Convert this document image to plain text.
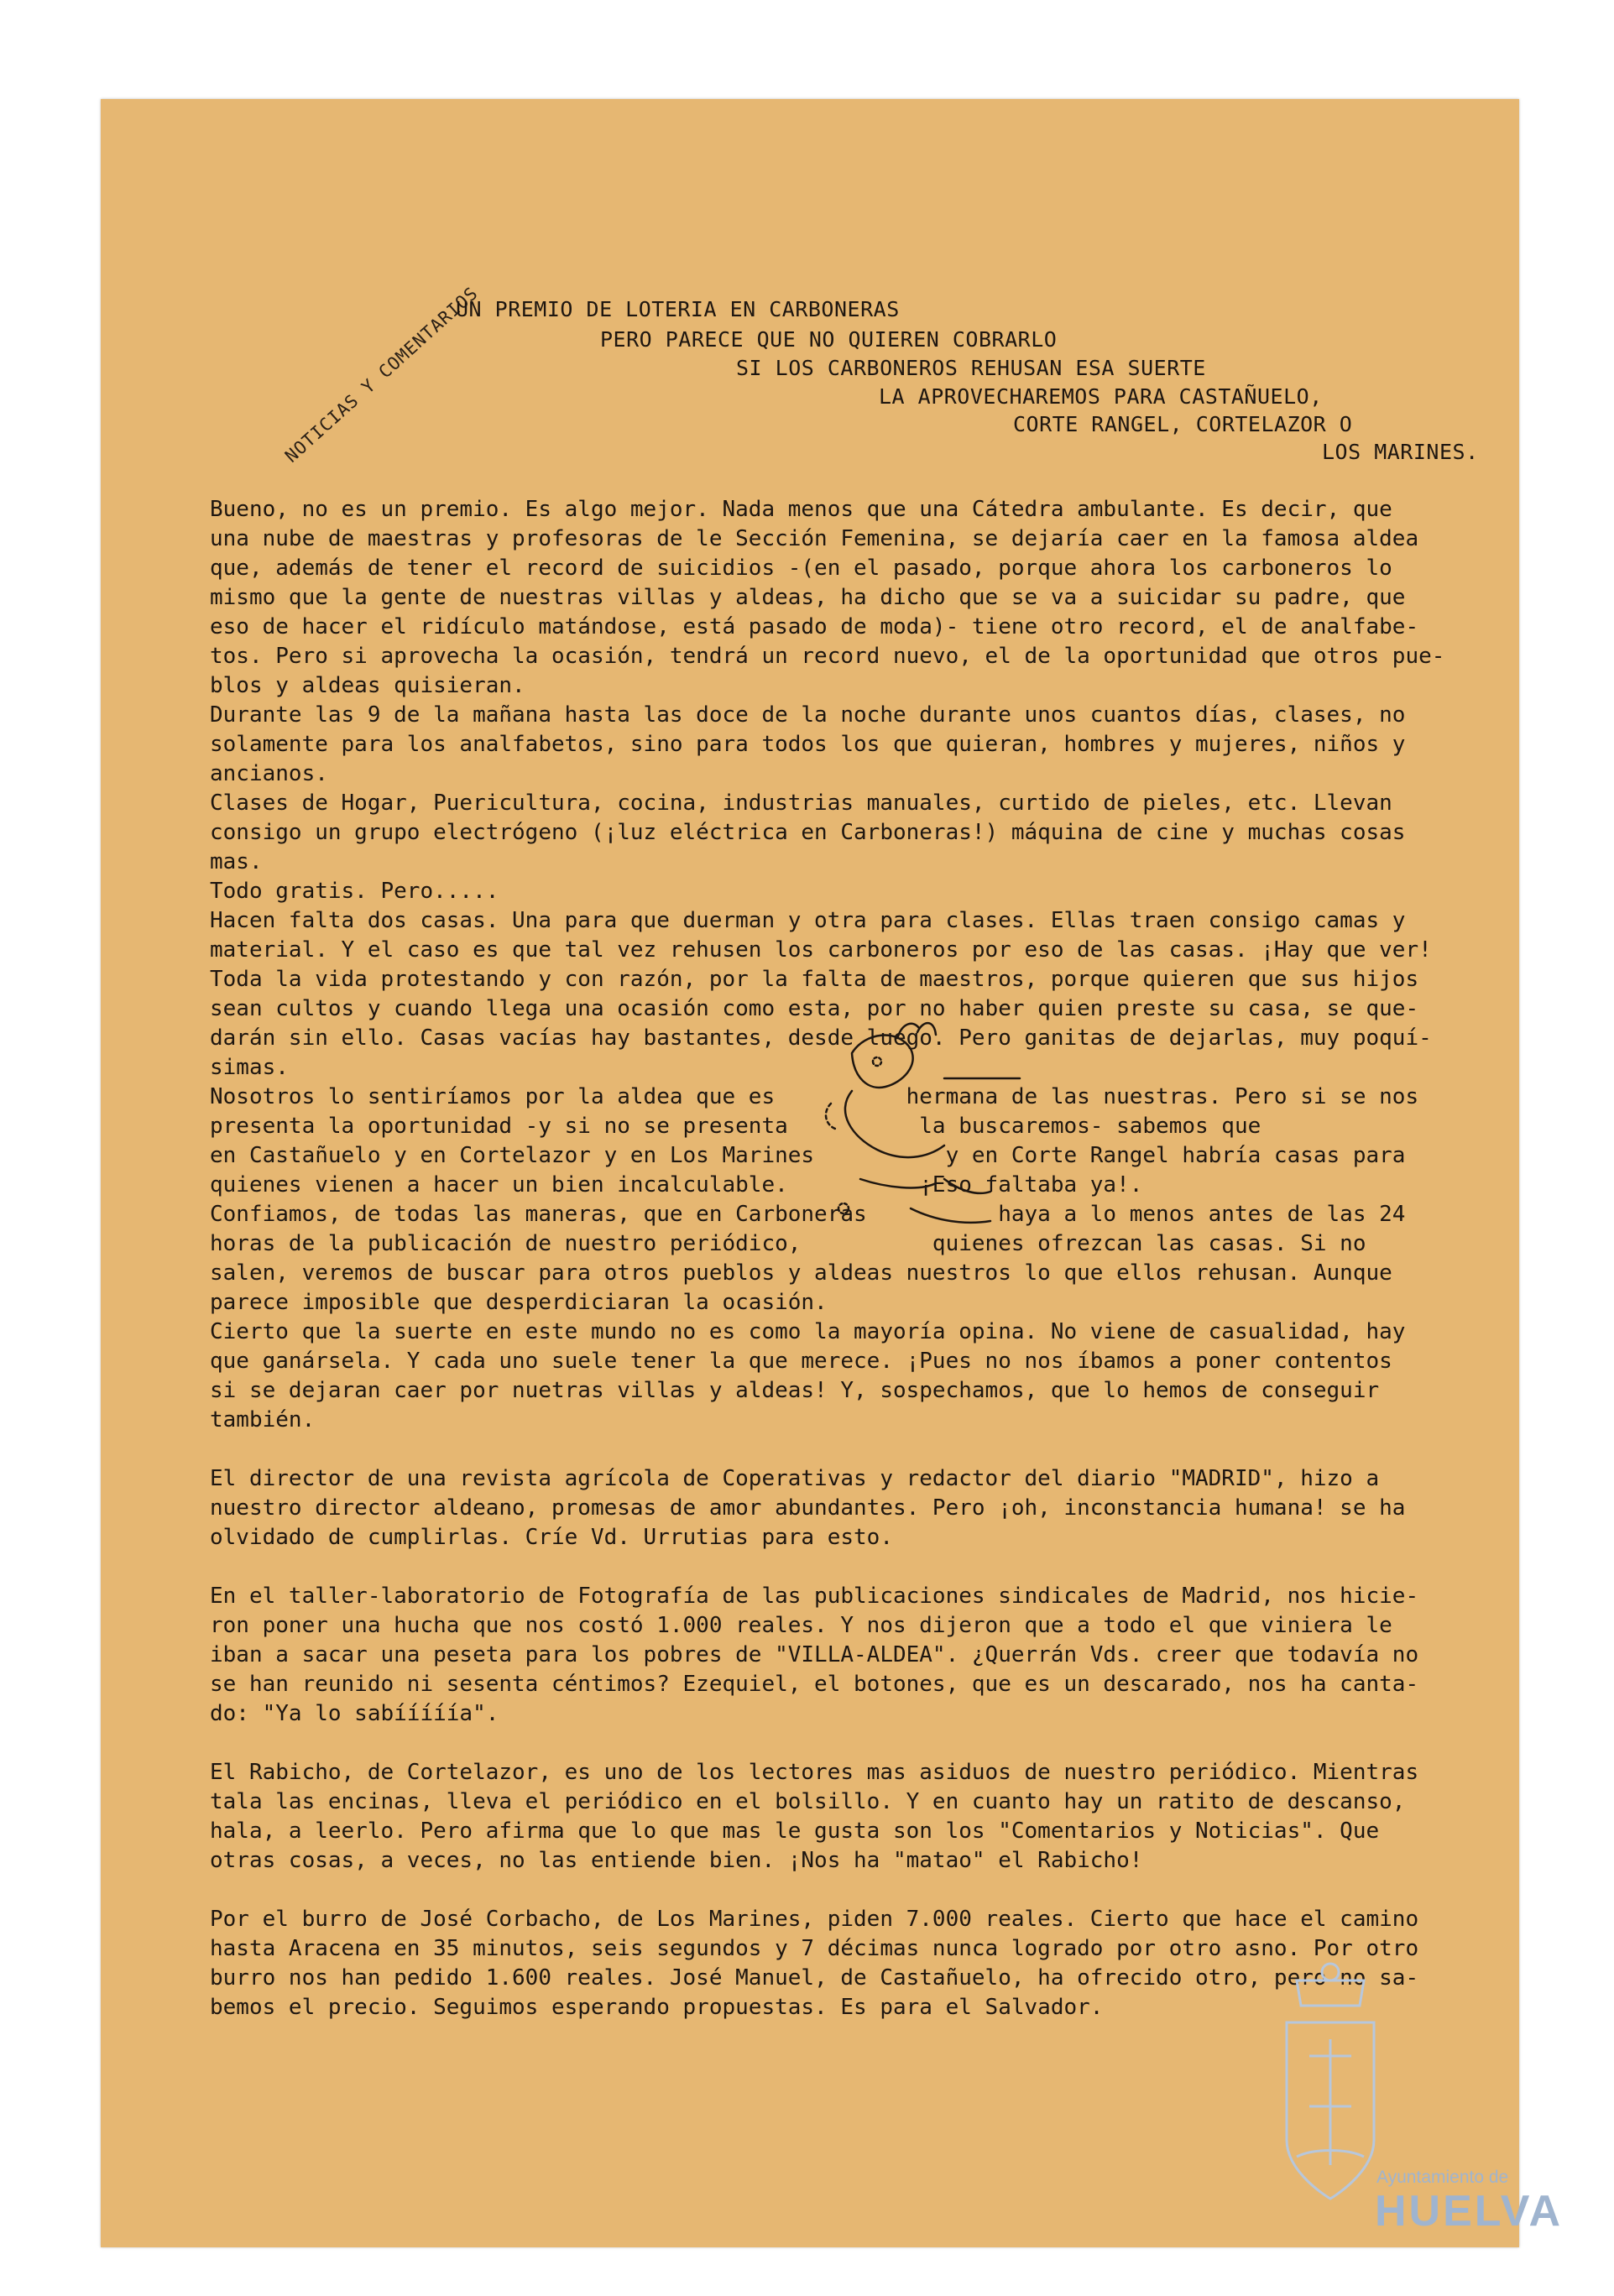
NOTICIAS Y COMENTARIOS
UN PREMIO DE LOTERIA EN CARBONERAS
PERO PARECE QUE NO QUIEREN COBRARLO
SI LOS CARBONEROS REHUSAN ESA SUERTE
LA APROVECHAREMOS PARA CASTAÑUELO,
CORTE RANGEL, CORTELAZOR O
LOS MARINES.
Bueno, no es un premio. Es algo mejor. Nada menos que una Cátedra ambulante. Es decir, que
una nube de maestras y profesoras de le Sección Femenina, se dejaría caer en la famosa aldea
que, además de tener el record de suicidios -(en el pasado, porque ahora los carboneros lo
mismo que la gente de nuestras villas y aldeas, ha dicho que se va a suicidar su padre, que
eso de hacer el ridículo matándose, está pasado de moda)- tiene otro record, el de analfabe-
tos. Pero si aprovecha la ocasión, tendrá un record nuevo, el de la oportunidad que otros pue-
blos y aldeas quisieran.
Durante las 9 de la mañana hasta las doce de la noche durante unos cuantos días, clases, no
solamente para los analfabetos, sino para todos los que quieran, hombres y mujeres, niños y
ancianos.
Clases de Hogar, Puericultura, cocina, industrias manuales, curtido de pieles, etc. Llevan
consigo un grupo electrógeno (¡luz eléctrica en Carboneras!) máquina de cine y muchas cosas
mas.
Todo gratis. Pero.....
Hacen falta dos casas. Una para que duerman y otra para clases. Ellas traen consigo camas y
material. Y el caso es que tal vez rehusen los carboneros por eso de las casas. ¡Hay que ver!
Toda la vida protestando y con razón, por la falta de maestros, porque quieren que sus hijos
sean cultos y cuando llega una ocasión como esta, por no haber quien preste su casa, se que-
darán sin ello. Casas vacías hay bastantes, desde luego. Pero ganitas de dejarlas, muy poquí-
simas.
Nosotros lo sentiríamos por la aldea que es          hermana de las nuestras. Pero si se nos
presenta la oportunidad -y si no se presenta          la buscaremos- sabemos que
en Castañuelo y en Cortelazor y en Los Marines          y en Corte Rangel habría casas para
quienes vienen a hacer un bien incalculable.          ¡Eso faltaba ya!.
Confiamos, de todas las maneras, que en Carboneras          haya a lo menos antes de las 24
horas de la publicación de nuestro periódico,          quienes ofrezcan las casas. Si no
salen, veremos de buscar para otros pueblos y aldeas nuestros lo que ellos rehusan. Aunque
parece imposible que desperdiciaran la ocasión.
Cierto que la suerte en este mundo no es como la mayoría opina. No viene de casualidad, hay
que ganársela. Y cada uno suele tener la que merece. ¡Pues no nos íbamos a poner contentos
si se dejaran caer por nuetras villas y aldeas! Y, sospechamos, que lo hemos de conseguir
también.
El director de una revista agrícola de Coperativas y redactor del diario "MADRID", hizo a
nuestro director aldeano, promesas de amor abundantes. Pero ¡oh, inconstancia humana! se ha
olvidado de cumplirlas. Críe Vd. Urrutias para esto.
En el taller-laboratorio de Fotografía de las publicaciones sindicales de Madrid, nos hicie-
ron poner una hucha que nos costó 1.000 reales. Y nos dijeron que a todo el que viniera le
iban a sacar una peseta para los pobres de "VILLA-ALDEA". ¿Querrán Vds. creer que todavía no
se han reunido ni sesenta céntimos? Ezequiel, el botones, que es un descarado, nos ha canta-
do: "Ya lo sabííííía".
El Rabicho, de Cortelazor, es uno de los lectores mas asiduos de nuestro periódico. Mientras
tala las encinas, lleva el periódico en el bolsillo. Y en cuanto hay un ratito de descanso,
hala, a leerlo. Pero afirma que lo que mas le gusta son los "Comentarios y Noticias". Que
otras cosas, a veces, no las entiende bien. ¡Nos ha "matao" el Rabicho!
Por el burro de José Corbacho, de Los Marines, piden 7.000 reales. Cierto que hace el camino
hasta Aracena en 35 minutos, seis segundos y 7 décimas nunca logrado por otro asno. Por otro
burro nos han pedido 1.600 reales. José Manuel, de Castañuelo, ha ofrecido otro, pero no sa-
bemos el precio. Seguimos esperando propuestas. Es para el Salvador.
Ayuntamiento de
HUELVA
